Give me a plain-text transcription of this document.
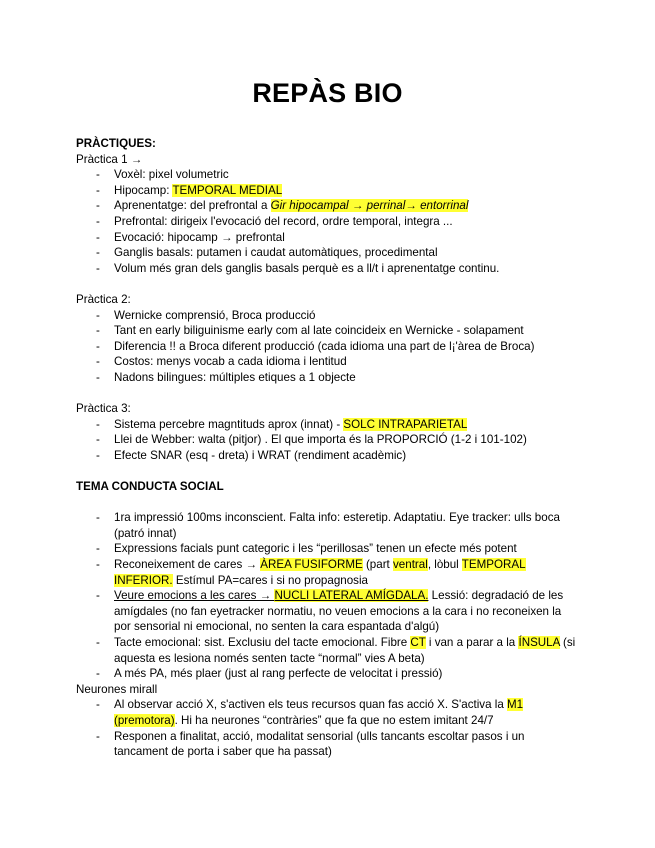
REPÀS BIO
PRÀCTIQUES:
Pràctica 1 →
- Voxèl: pixel volumetric
- Hipocamp: TEMPORAL MEDIAL
- Aprenentatge: del prefrontal a Gir hipocampal → perrinal→ entorrinal
- Prefrontal: dirigeix l'evocació del record, ordre temporal, integra ...
- Evocació: hipocamp → prefrontal
- Ganglis basals: putamen i caudat automàtiques, procedimental
- Volum més gran dels ganglis basals perquè es a ll/t i aprenentatge continu.
Pràctica 2:
- Wernicke comprensió, Broca producció
- Tant en early biliguinisme early com al late coincideix en Wernicke - solapament
- Diferencia !! a Broca diferent producció (cada idioma una part de l¡'àrea de Broca)
- Costos: menys vocab a cada idioma i lentitud
- Nadons bilingues: múltiples etiques a 1 objecte
Pràctica 3:
- Sistema percebre magntituds aprox (innat) - SOLC INTRAPARIETAL
- Llei de Webber: walta (pitjor) . El que importa és la PROPORCIÓ (1-2 i 101-102)
- Efecte SNAR (esq - dreta) i WRAT (rendiment acadèmic)
TEMA CONDUCTA SOCIAL
- 1ra impressió 100ms inconscient. Falta info: esteretip. Adaptatiu. Eye tracker: ulls boca (patró innat)
- Expressions facials punt categoric i les “perillosas” tenen un efecte més potent
- Reconeixement de cares → ÀREA FUSIFORME (part ventral, lòbul TEMPORAL INFERIOR. Estímul PA=cares i si no propagnosia
- Veure emocions a les cares → NUCLI LATERAL AMÍGDALA. Lessió: degradació de les amígdales (no fan eyetracker normatiu, no veuen emocions a la cara i no reconeixen la por sensorial ni emocional, no senten la cara espantada d'algú)
- Tacte emocional: sist. Exclusiu del tacte emocional. Fibre CT i van a parar a la ÍNSULA (si aquesta es lesiona només senten tacte “normal” vies A beta)
- A més PA, més plaer (just al rang perfecte de velocitat i pressió)
Neurones mirall
- Al observar acció X, s'activen els teus recursos quan fas acció X. S'activa la M1 (premotora). Hi ha neurones “contràries” que fa que no estem imitant 24/7
- Responen a finalitat, acció, modalitat sensorial (ulls tancants escoltar pasos i un tancament de porta i saber que ha passat)
